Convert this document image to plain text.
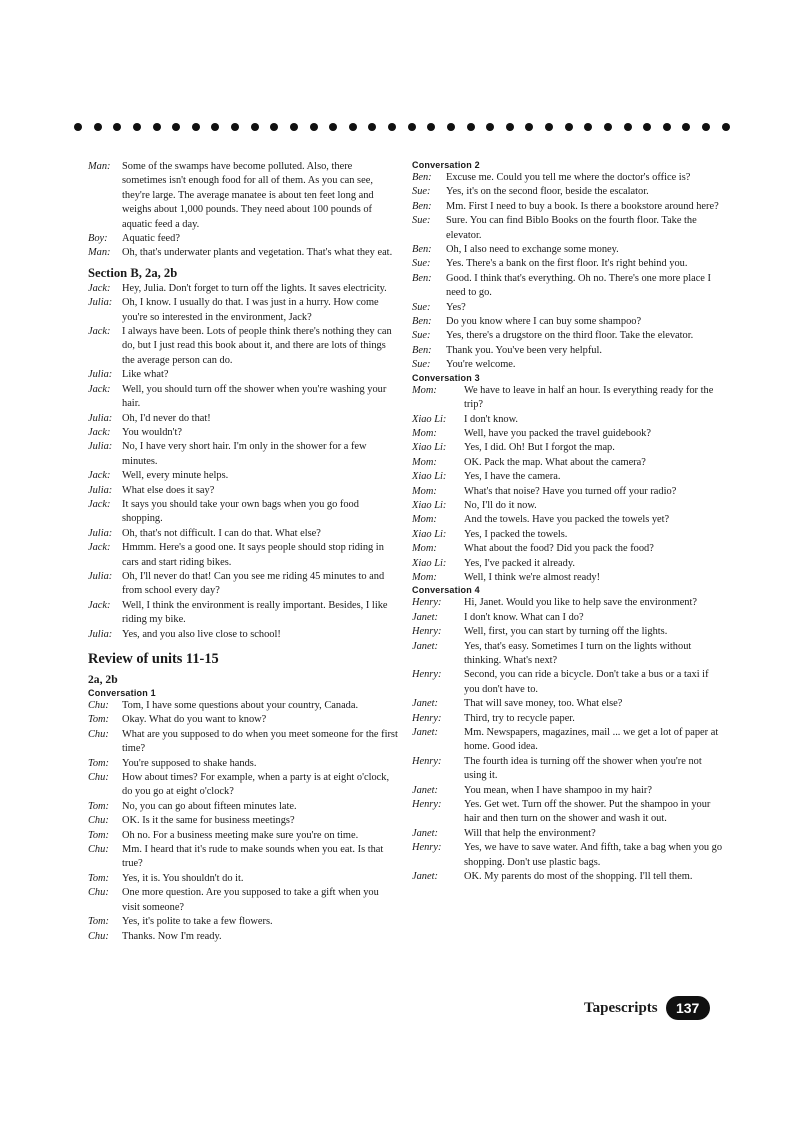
Man:	Some of the swamps have become polluted. Also, there sometimes isn't enough food for all of them. As you can see, they're large. The average manatee is about ten feet long and weighs about 1,000 pounds. They need about 100 pounds of aquatic feed a day.
Boy:	Aquatic feed?
Man:	Oh, that's underwater plants and vegetation. That's what they eat.
Section B, 2a, 2b
Jack:	Hey, Julia. Don't forget to turn off the lights. It saves electricity.
Julia: Oh, I know. I usually do that. I was just in a hurry. How come you're so interested in the environment, Jack?
Jack:	I always have been. Lots of people think there's nothing they can do, but I just read this book about it, and there are lots of things the average person can do.
Julia: Like what?
Jack:	Well, you should turn off the shower when you're washing your hair.
Julia: Oh, I'd never do that!
Jack:	You wouldn't?
Julia: No, I have very short hair. I'm only in the shower for a few minutes.
Jack:	Well, every minute helps.
Julia: What else does it say?
Jack:	It says you should take your own bags when you go food shopping.
Julia: Oh, that's not difficult. I can do that. What else?
Jack:	Hmmm. Here's a good one. It says people should stop riding in cars and start riding bikes.
Julia: Oh, I'll never do that! Can you see me riding 45 minutes to and from school every day?
Jack:	Well, I think the environment is really important. Besides, I like riding my bike.
Julia: Yes, and you also live close to school!
Review of units 11-15
2a, 2b
Conversation 1
Chu:	Tom, I have some questions about your country, Canada.
Tom:	Okay. What do you want to know?
Chu:	What are you supposed to do when you meet someone for the first time?
Tom:	You're supposed to shake hands.
Chu:	How about times? For example, when a party is at eight o'clock, do you go at eight o'clock?
Tom:	No, you can go about fifteen minutes late.
Chu:	OK. Is it the same for business meetings?
Tom:	Oh no. For a business meeting make sure you're on time.
Chu:	Mm. I heard that it's rude to make sounds when you eat. Is that true?
Tom:	Yes, it is. You shouldn't do it.
Chu:	One more question. Are you supposed to take a gift when you visit someone?
Tom:	Yes, it's polite to take a few flowers.
Chu:	Thanks. Now I'm ready.
Conversation 2
Ben:	Excuse me. Could you tell me where the doctor's office is?
Sue:	Yes, it's on the second floor, beside the escalator.
Ben:	Mm. First I need to buy a book. Is there a bookstore around here?
Sue:	Sure. You can find Biblo Books on the fourth floor. Take the elevator.
Ben:	Oh, I also need to exchange some money.
Sue:	Yes. There's a bank on the first floor. It's right behind you.
Ben:	Good. I think that's everything. Oh no. There's one more place I need to go.
Sue:	Yes?
Ben:	Do you know where I can buy some shampoo?
Sue:	Yes, there's a drugstore on the third floor. Take the elevator.
Ben:	Thank you. You've been very helpful.
Sue:	You're welcome.
Conversation 3
Mom:	We have to leave in half an hour. Is everything ready for the trip?
Xiao Li:	I don't know.
Mom:	Well, have you packed the travel guidebook?
Xiao Li:	Yes, I did. Oh! But I forgot the map.
Mom:	OK. Pack the map. What about the camera?
Xiao Li:	Yes, I have the camera.
Mom:	What's that noise? Have you turned off your radio?
Xiao Li:	No, I'll do it now.
Mom:	And the towels. Have you packed the towels yet?
Xiao Li:	Yes, I packed the towels.
Mom:	What about the food? Did you pack the food?
Xiao Li:	Yes, I've packed it already.
Mom:	Well, I think we're almost ready!
Conversation 4
Henry:	Hi, Janet. Would you like to help save the environment?
Janet:	I don't know. What can I do?
Henry:	Well, first, you can start by turning off the lights.
Janet:	Yes, that's easy. Sometimes I turn on the lights without thinking. What's next?
Henry:	Second, you can ride a bicycle. Don't take a bus or a taxi if you don't have to.
Janet:	That will save money, too. What else?
Henry:	Third, try to recycle paper.
Janet:	Mm. Newspapers, magazines, mail ... we get a lot of paper at home. Good idea.
Henry:	The fourth idea is turning off the shower when you're not using it.
Janet:	You mean, when I have shampoo in my hair?
Henry:	Yes. Get wet. Turn off the shower. Put the shampoo in your hair and then turn on the shower and wash it out.
Janet:	Will that help the environment?
Henry:	Yes, we have to save water. And fifth, take a bag when you go shopping. Don't use plastic bags.
Janet:	OK. My parents do most of the shopping. I'll tell them.
Tapescripts	137
